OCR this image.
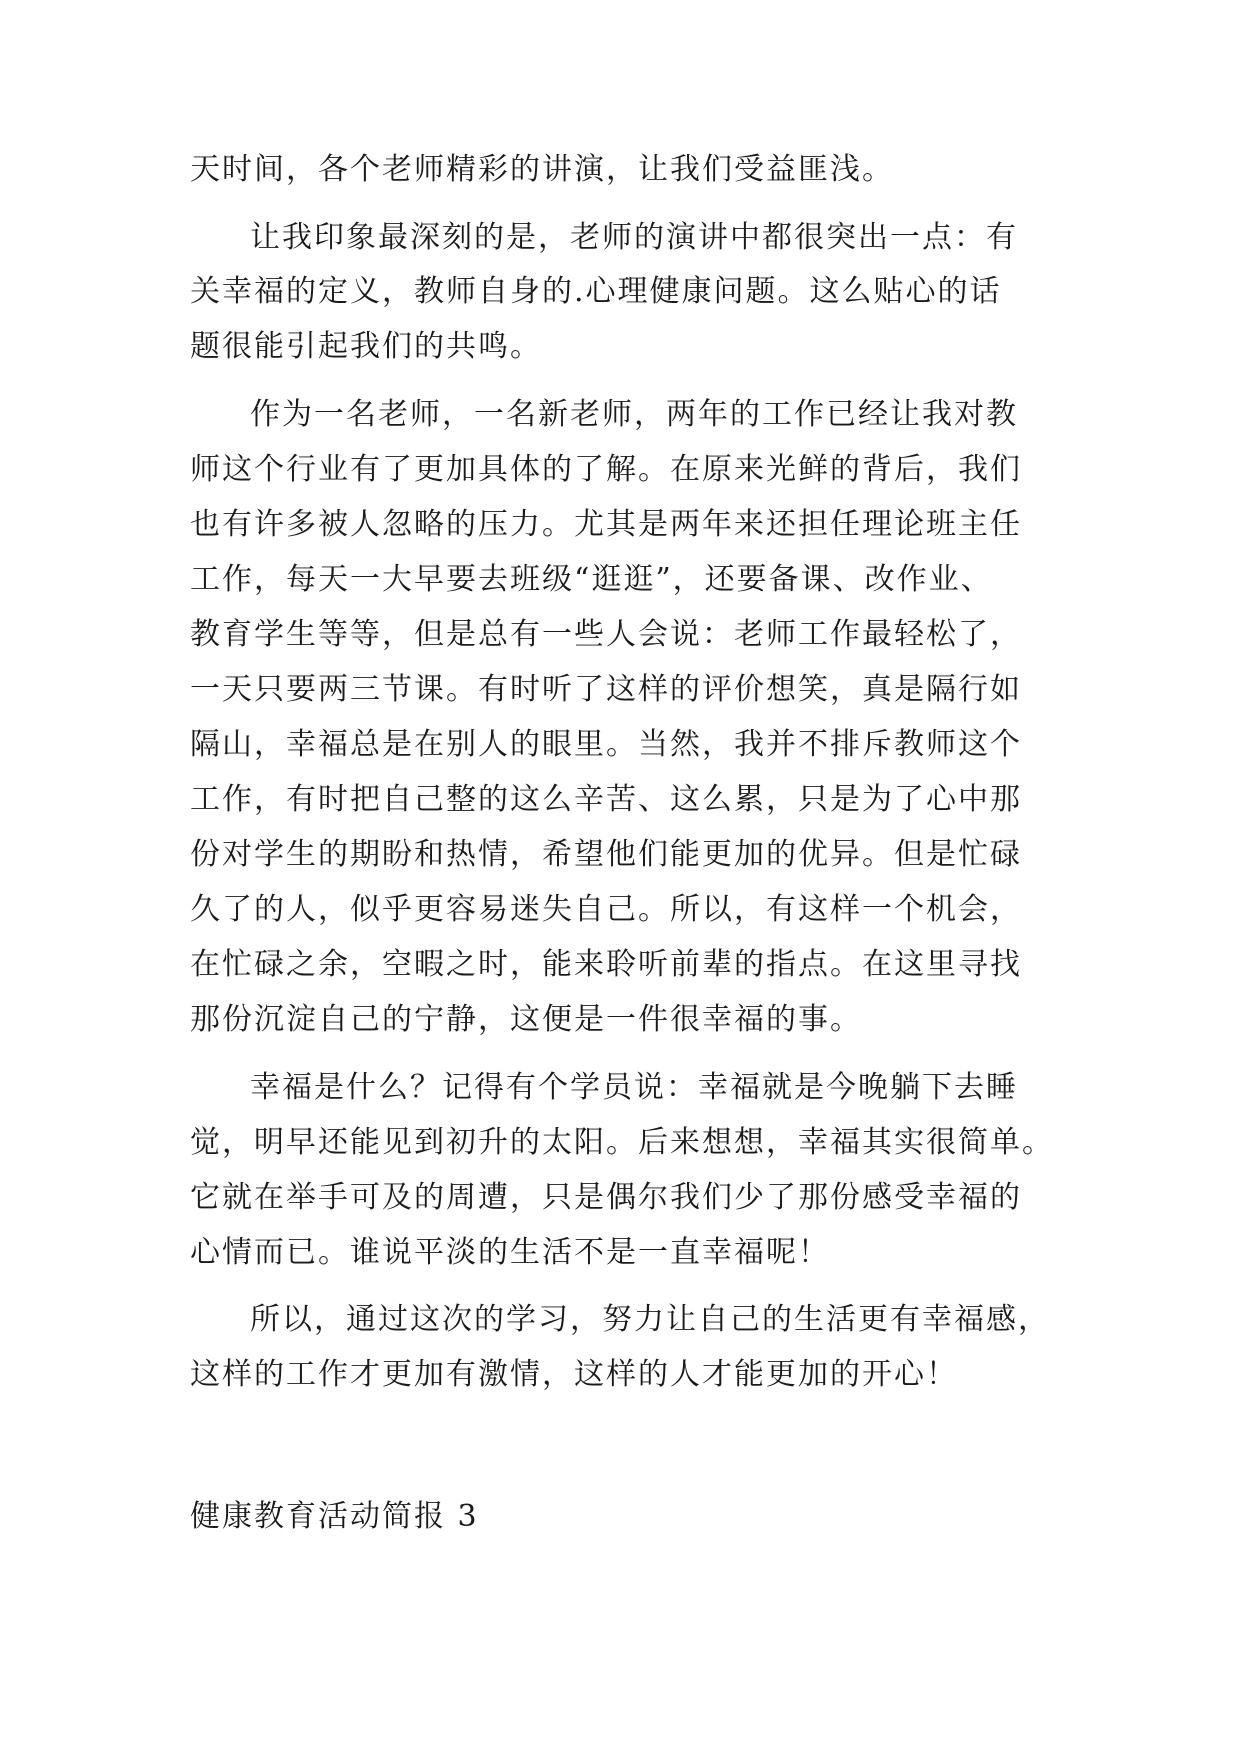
天时间，各个老师精彩的讲演，让我们受益匪浅。
让我印象最深刻的是，老师的演讲中都很突出一点：有
关幸福的定义，教师自身的.心理健康问题。这么贴心的话
题很能引起我们的共鸣。
作为一名老师，一名新老师，两年的工作已经让我对教
师这个行业有了更加具体的了解。在原来光鲜的背后，我们
也有许多被人忽略的压力。尤其是两年来还担任理论班主任
工作，每天一大早要去班级“逛逛”，还要备课、改作业、
教育学生等等，但是总有一些人会说：老师工作最轻松了，
一天只要两三节课。有时听了这样的评价想笑，真是隔行如
隔山，幸福总是在别人的眼里。当然，我并不排斥教师这个
工作，有时把自己整的这么辛苦、这么累，只是为了心中那
份对学生的期盼和热情，希望他们能更加的优异。但是忙碌
久了的人，似乎更容易迷失自己。所以，有这样一个机会，
在忙碌之余，空暇之时，能来聆听前辈的指点。在这里寻找
那份沉淀自己的宁静，这便是一件很幸福的事。
幸福是什么？记得有个学员说：幸福就是今晚躺下去睡
觉，明早还能见到初升的太阳。后来想想，幸福其实很简单。
它就在举手可及的周遭，只是偶尔我们少了那份感受幸福的
心情而已。谁说平淡的生活不是一直幸福呢！
所以，通过这次的学习，努力让自己的生活更有幸福感，
这样的工作才更加有激情，这样的人才能更加的开心！
健康教育活动简报 3
